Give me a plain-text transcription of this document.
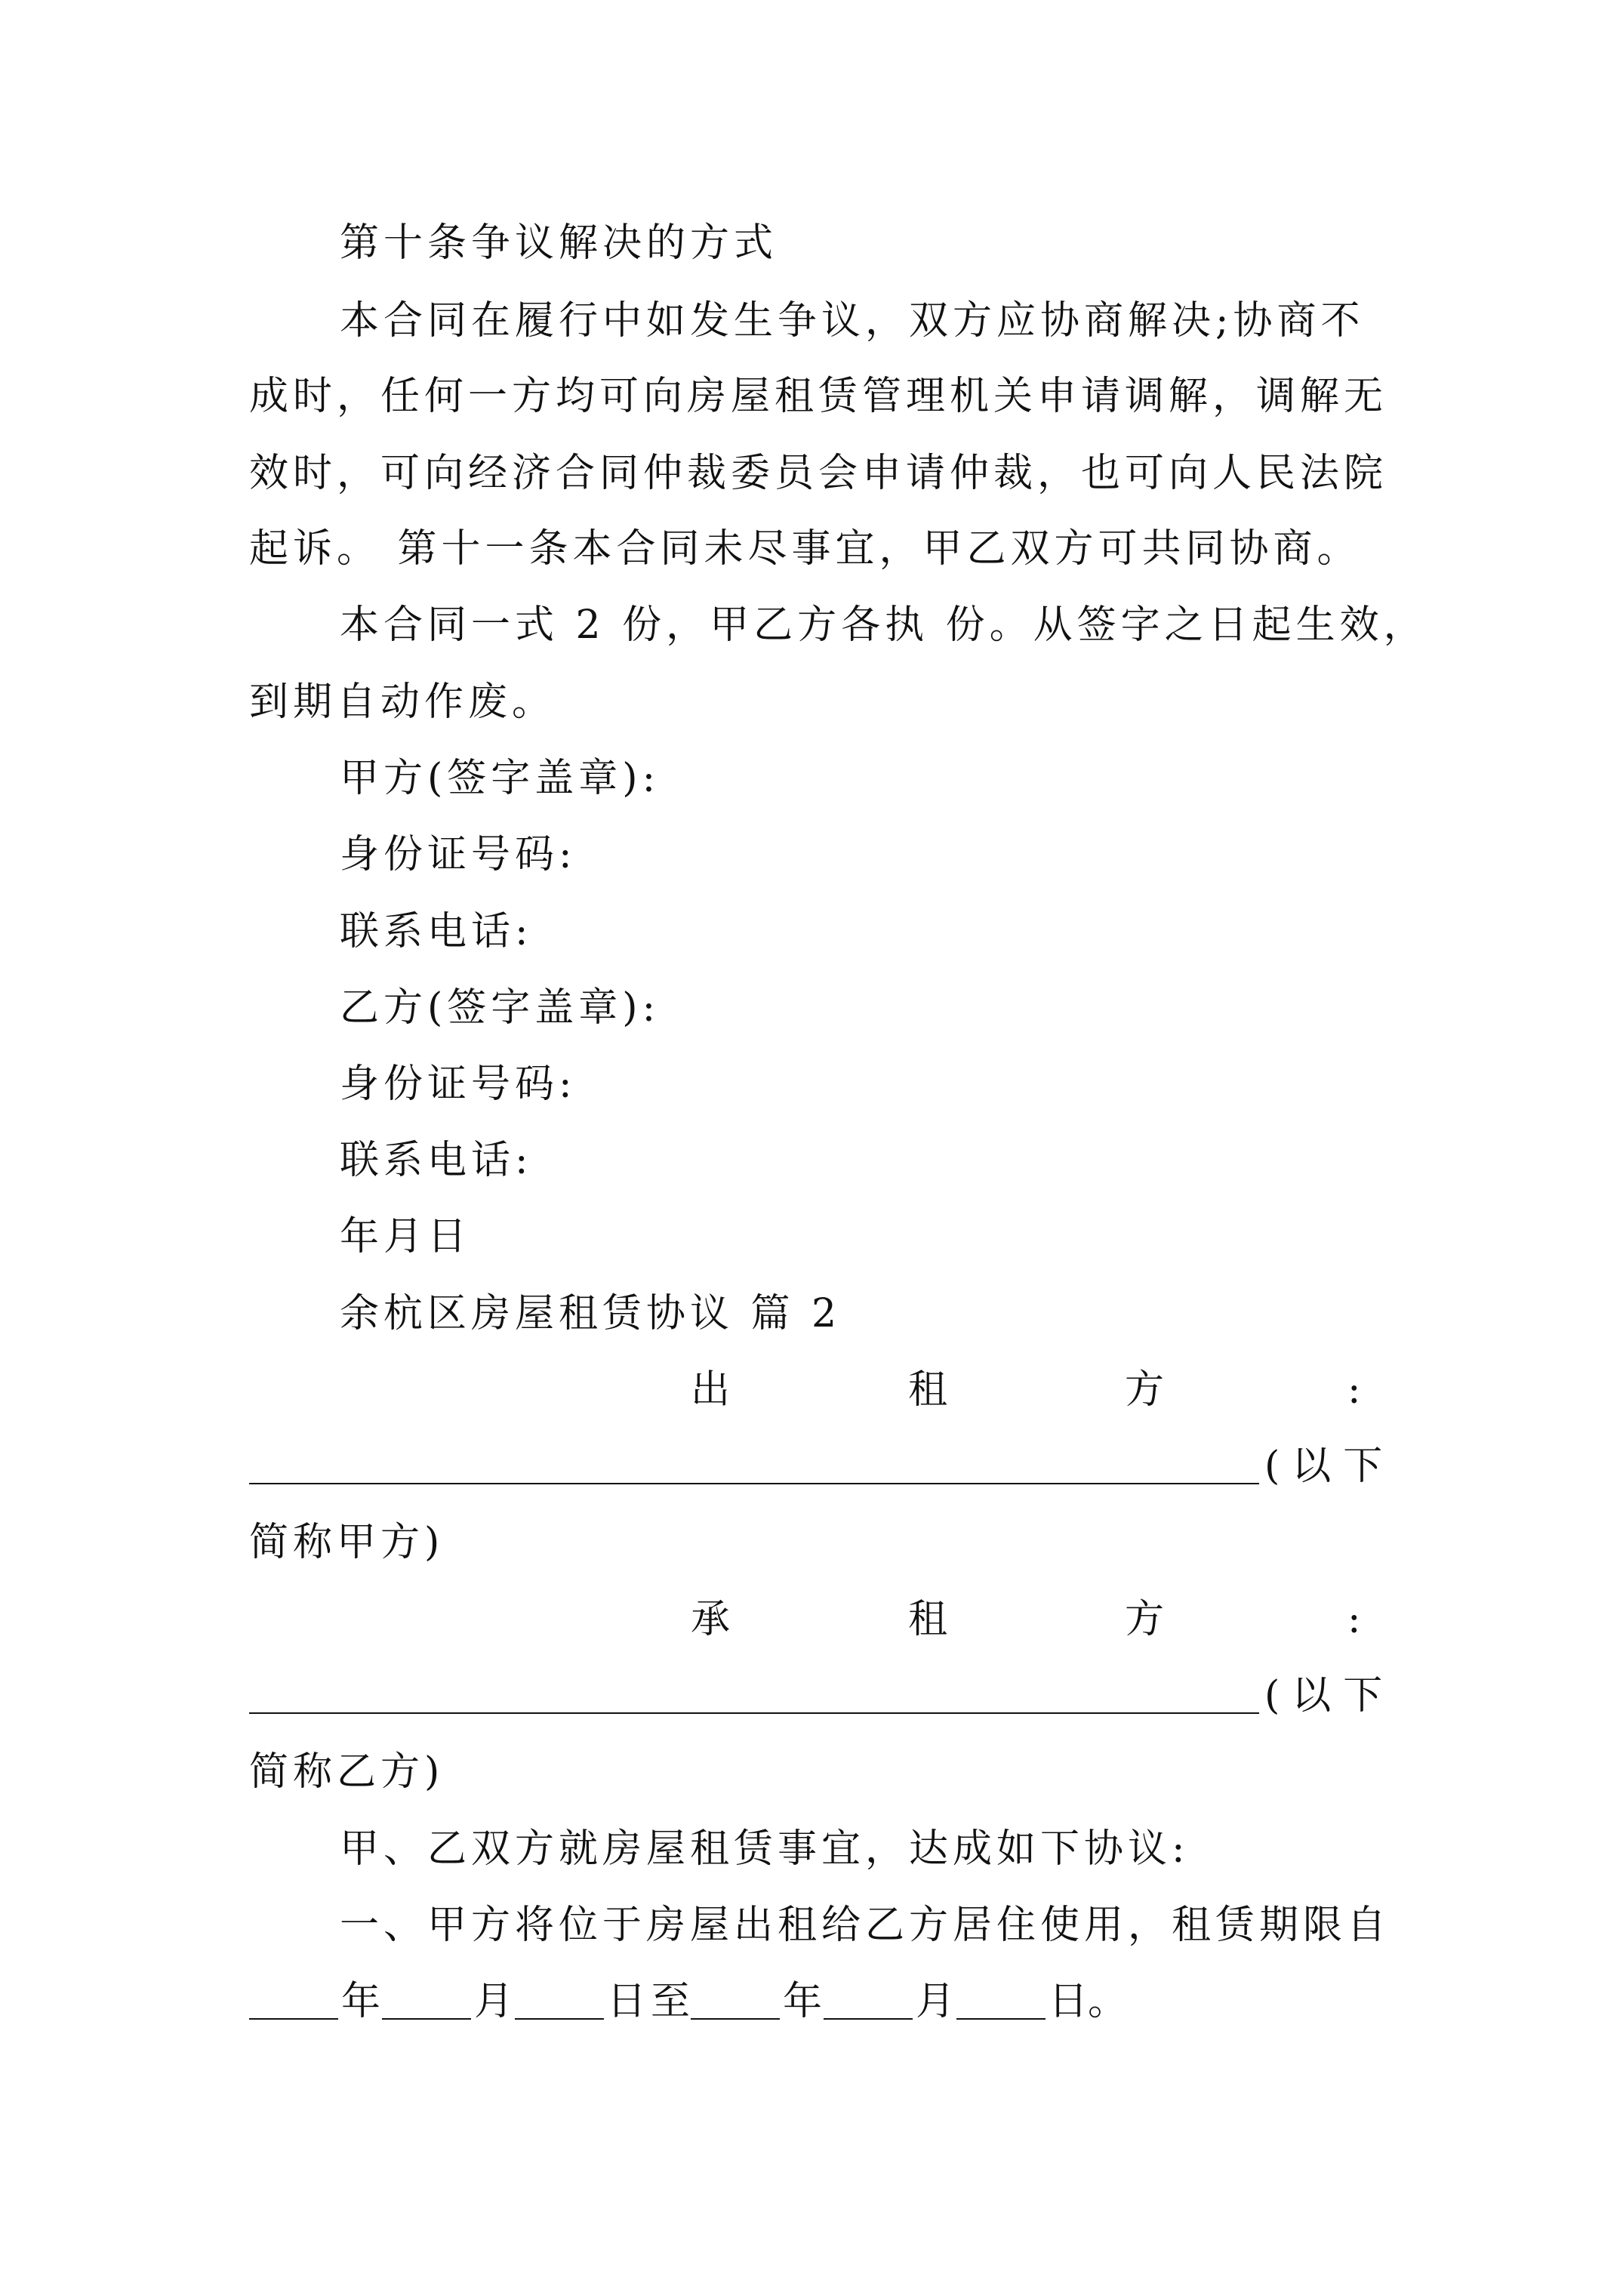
第十条争议解决的方式
本合同在履行中如发生争议，双方应协商解决;协商不
成时，任何一方均可向房屋租赁管理机关申请调解，调解无
效时，可向经济合同仲裁委员会申请仲裁，也可向人民法院
起诉。 第十一条本合同未尽事宜，甲乙双方可共同协商。
本合同一式 2 份，甲乙方各执 份。从签字之日起生效，
到期自动作废。
甲方(签字盖章):
身份证号码:
联系电话:
乙方(签字盖章):
身份证号码:
联系电话:
年月日
余杭区房屋租赁协议 篇 2
出	租	方	:
(以下
简称甲方)
承	租	方	:
(以下
简称乙方)
甲、乙双方就房屋租赁事宜，达成如下协议:
一、甲方将位于房屋出租给乙方居住使用，租赁期限自
年 月 日至 年 月 日。
